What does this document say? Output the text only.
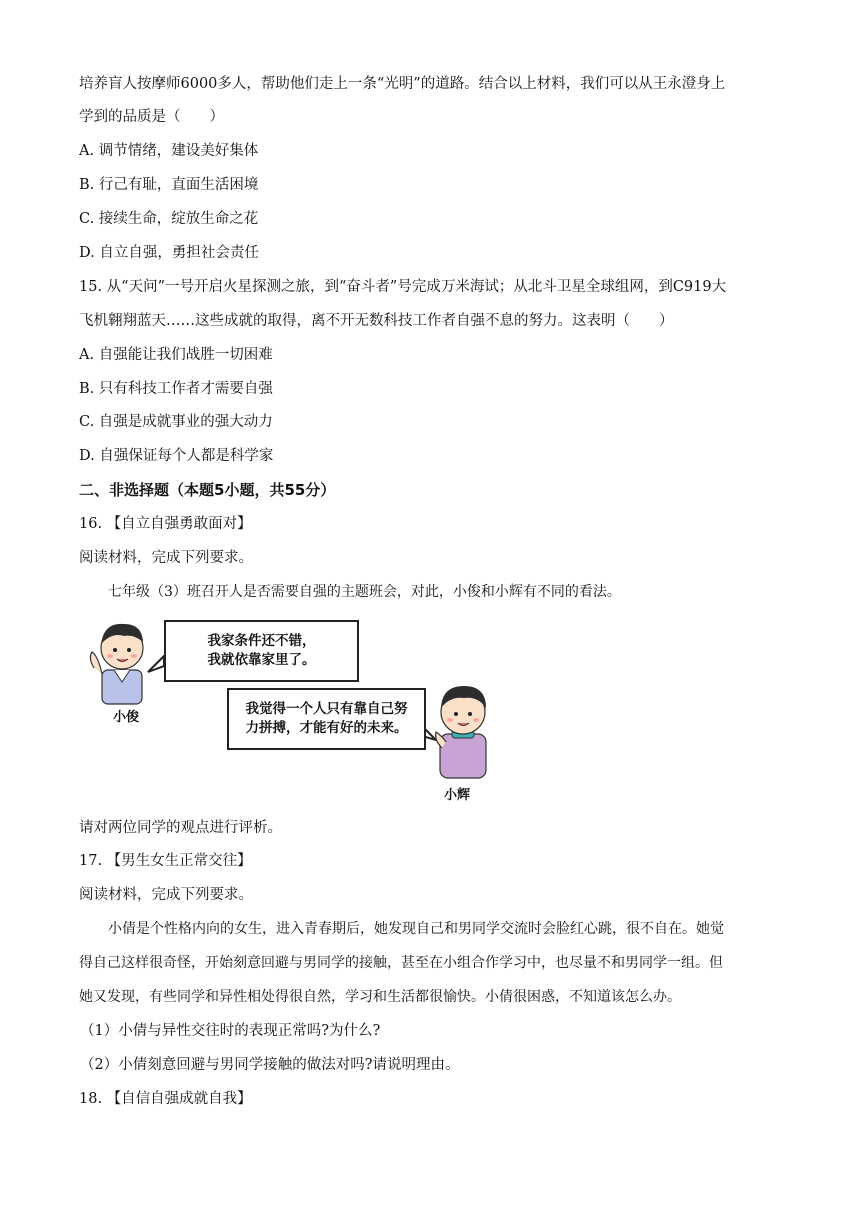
培养盲人按摩师6000多人，帮助他们走上一条“光明”的道路。结合以上材料，我们可以从王永澄身上
学到的品质是（　　）
A. 调节情绪，建设美好集体
B. 行己有耻，直面生活困境
C. 接续生命，绽放生命之花
D. 自立自强，勇担社会责任
15. 从“天问”一号开启火星探测之旅，到“奋斗者”号完成万米海试；从北斗卫星全球组网，到C919大
飞机翱翔蓝天……这些成就的取得，离不开无数科技工作者自强不息的努力。这表明（　　）
A. 自强能让我们战胜一切困难
B. 只有科技工作者才需要自强
C. 自强是成就事业的强大动力
D. 自强保证每个人都是科学家
二、非选择题（本题5小题，共55分）
16. 【自立自强勇敢面对】
阅读材料，完成下列要求。
七年级（3）班召开人是否需要自强的主题班会，对此，小俊和小辉有不同的看法。
我家条件还不错，
我就依靠家里了。
我觉得一个人只有靠自己努
力拼搏，才能有好的未来。
小俊
小辉
请对两位同学的观点进行评析。
17. 【男生女生正常交往】
阅读材料，完成下列要求。
小倩是个性格内向的女生，进入青春期后，她发现自己和男同学交流时会脸红心跳，很不自在。她觉
得自己这样很奇怪，开始刻意回避与男同学的接触，甚至在小组合作学习中，也尽量不和男同学一组。但
她又发现，有些同学和异性相处得很自然，学习和生活都很愉快。小倩很困惑，不知道该怎么办。
（1）小倩与异性交往时的表现正常吗?为什么?
（2）小倩刻意回避与男同学接触的做法对吗?请说明理由。
18. 【自信自强成就自我】
